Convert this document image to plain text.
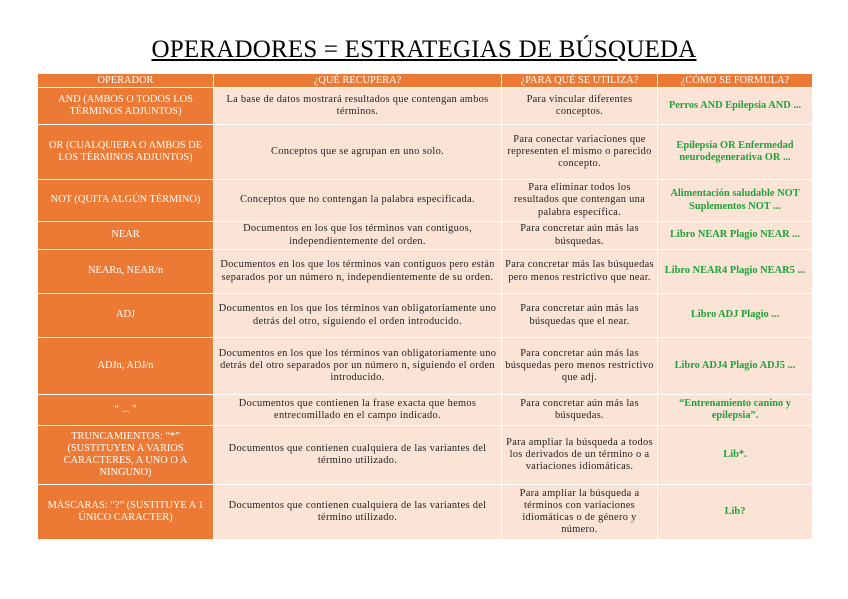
OPERADORES = ESTRATEGIAS DE BÚSQUEDA
OPERADOR	¿QUÉ RECUPERA?	¿PARA QUÉ SE UTILIZA?	¿CÓMO SE FORMULA?
AND (AMBOS O TODOS LOS TÉRMINOS ADJUNTOS)	La base de datos mostrará resultados que contengan ambos términos.	Para vincular diferentes conceptos.	Perros AND Epilepsia AND ...
OR (CUALQUIERA O AMBOS DE LOS TÉRMINOS ADJUNTOS)	Conceptos que se agrupan en uno solo.	Para conectar variaciones que representen el mismo o parecido concepto.	Epilepsia OR Enfermedad neurodegenerativa OR ...
NOT (QUITA ALGÚN TÉRMINO)	Conceptos que no contengan la palabra especificada.	Para eliminar todos los resultados que contengan una palabra específica.	Alimentación saludable NOT Suplementos NOT ...
NEAR	Documentos en los que los términos van contiguos, independientemente del orden.	Para concretar aún más las búsquedas.	Libro NEAR Plagio NEAR ...
NEARn, NEAR/n	Documentos en los que los términos van contiguos pero están separados por un número n, independientemente de su orden.	Para concretar más las búsquedas pero menos restrictivo que near.	Libro NEAR4 Plagio NEAR5 ...
ADJ	Documentos en los que los términos van obligatoriamente uno detrás del otro, siguiendo el orden introducido.	Para concretar aún más las búsquedas que el near.	Libro ADJ Plagio ...
ADJn, ADJ/n	Documentos en los que los términos van obligatoriamente uno detrás del otro separados por un número n, siguiendo el orden introducido.	Para concretar aún más las búsquedas pero menos restrictivo que adj.	Libro ADJ4 Plagio ADJ5 ...
“ ... ”	Documentos que contienen la frase exacta que hemos entrecomillado en el campo indicado.	Para concretar aún más las búsquedas.	“Entrenamiento canino y epilepsia”.
TRUNCAMIENTOS: “*” (SUSTITUYEN A VARIOS CARACTERES, A UNO O A NINGUNO)	Documentos que contienen cualquiera de las variantes del término utilizado.	Para ampliar la búsqueda a todos los derivados de un término o a variaciones idiomáticas.	Lib*.
MÁSCARAS: “?” (SUSTITUYE A 1 ÚNICO CARACTER)	Documentos que contienen cualquiera de las variantes del término utilizado.	Para ampliar la búsqueda a términos con variaciones idiomáticas o de género y número.	Lib?
